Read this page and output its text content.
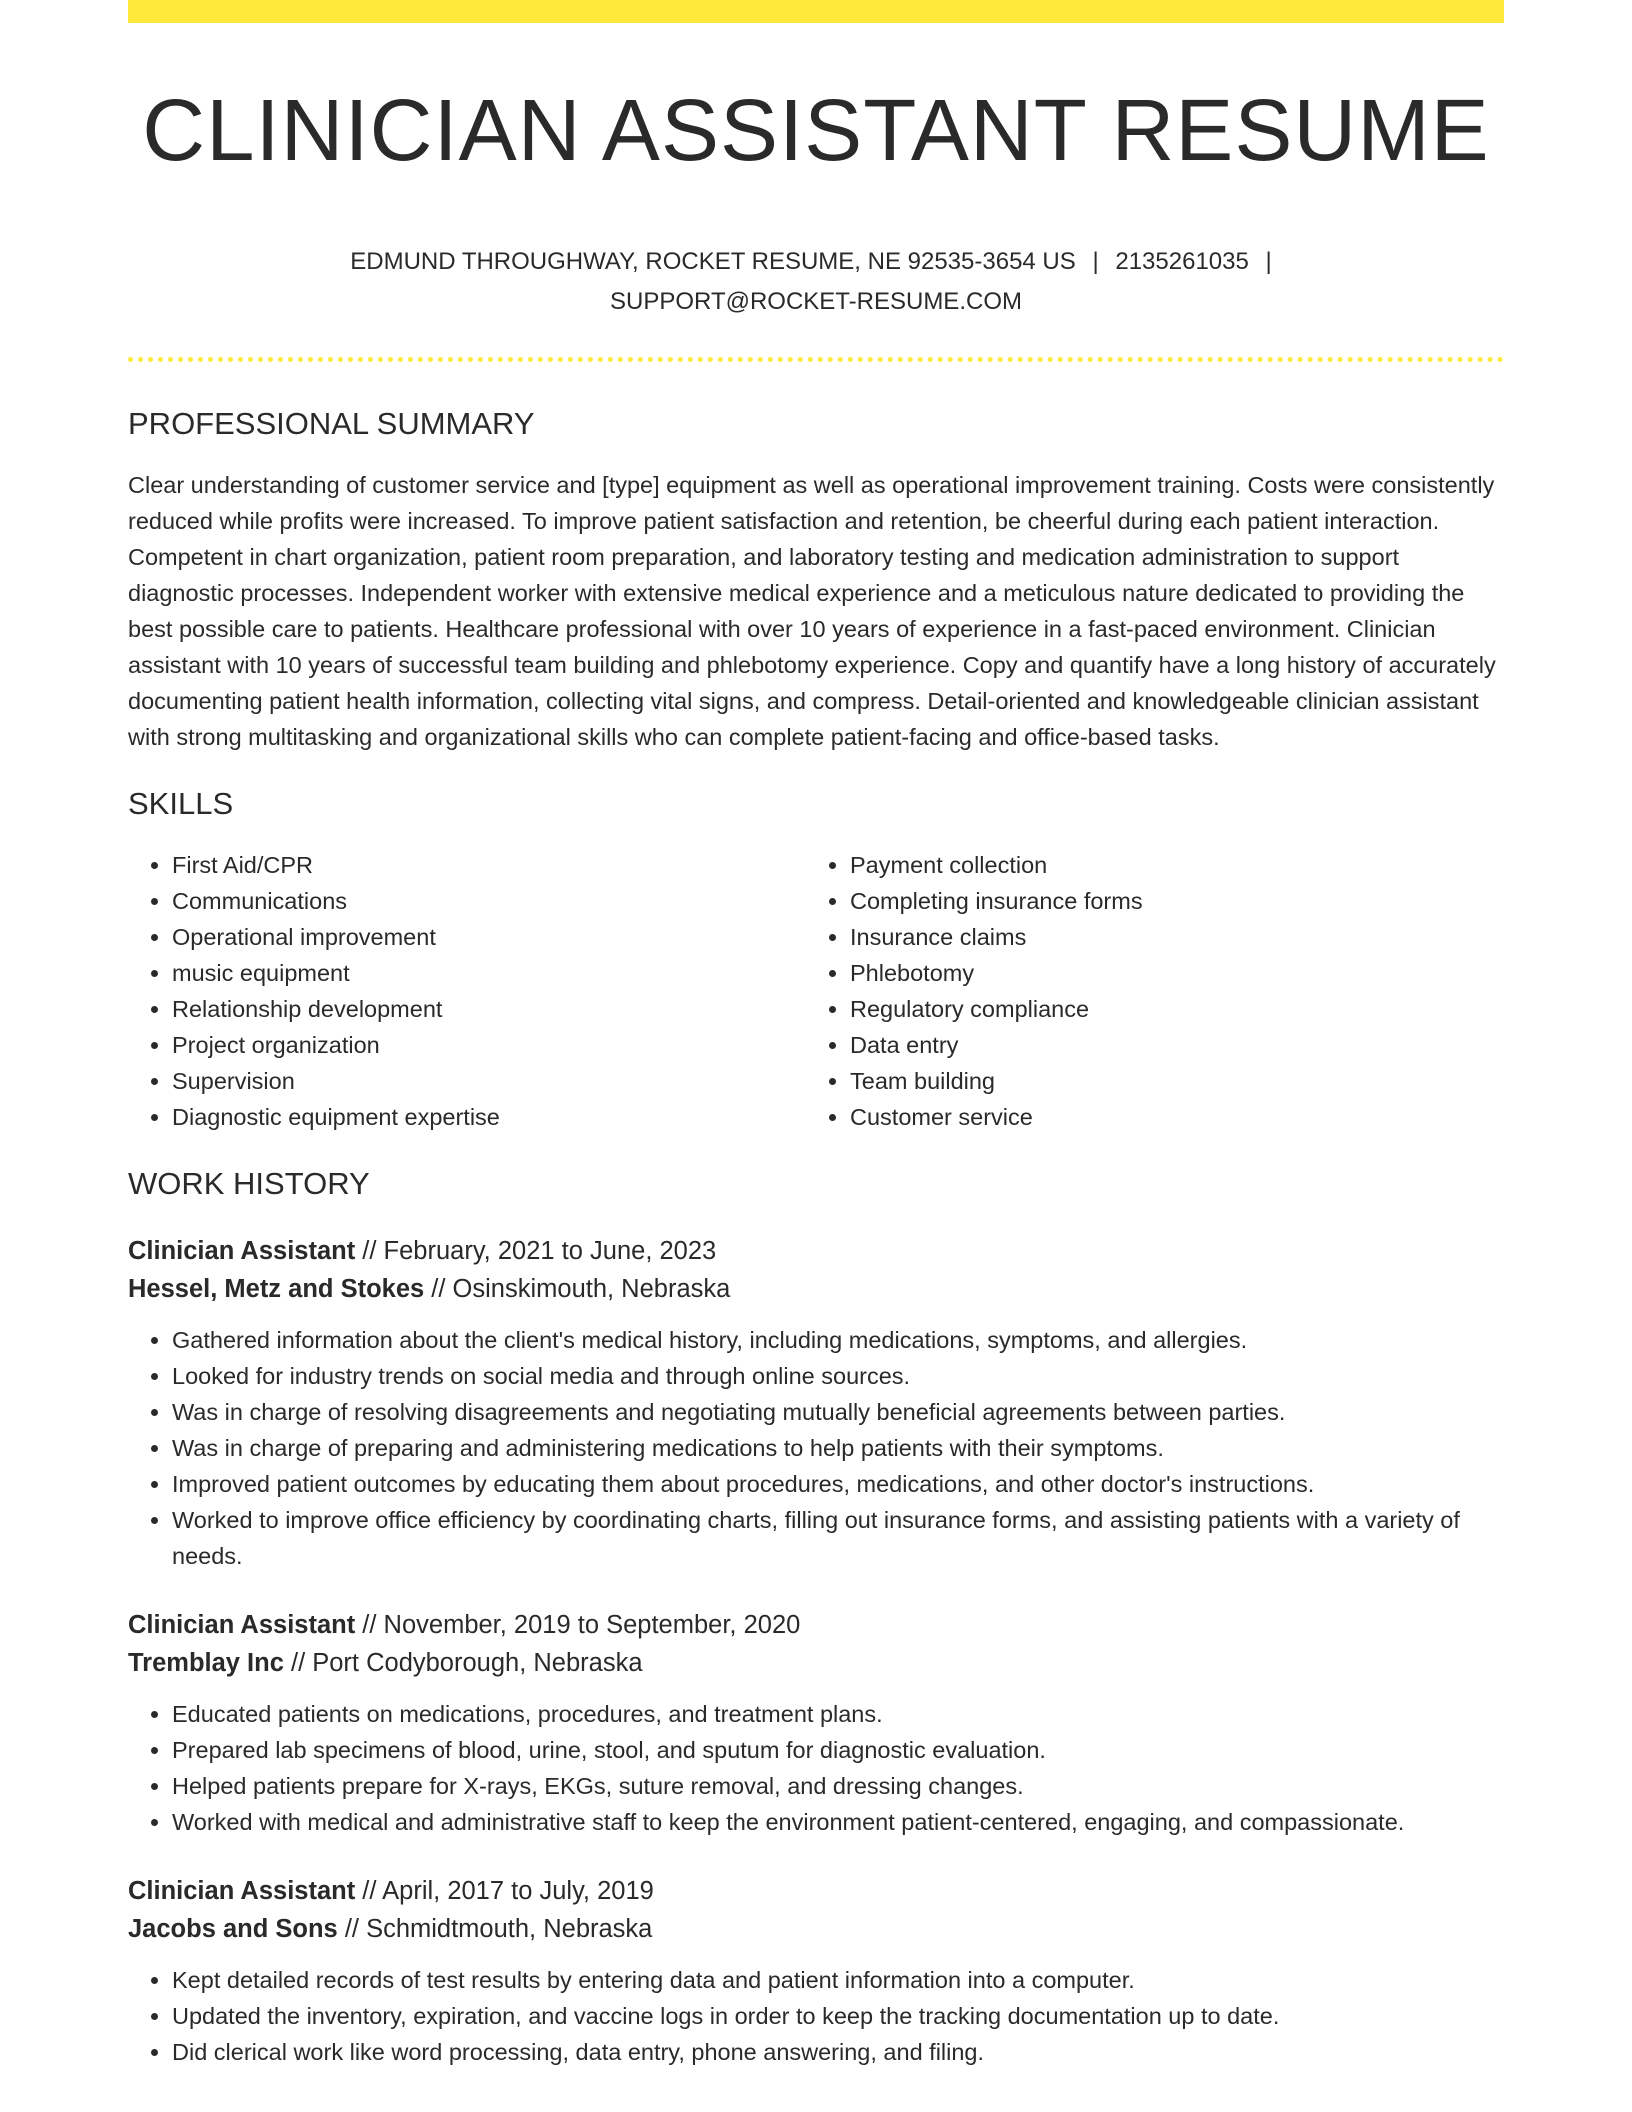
CLINICIAN ASSISTANT RESUME
EDMUND THROUGHWAY, ROCKET RESUME, NE 92535-3654 US | 2135261035 |
SUPPORT@ROCKET-RESUME.COM
PROFESSIONAL SUMMARY

Clear understanding of customer service and [type] equipment as well as operational improvement training. Costs were consistently reduced while profits were increased. To improve patient satisfaction and retention, be cheerful during each patient interaction. Competent in chart organization, patient room preparation, and laboratory testing and medication administration to support diagnostic processes. Independent worker with extensive medical experience and a meticulous nature dedicated to providing the best possible care to patients. Healthcare professional with over 10 years of experience in a fast-paced environment. Clinician assistant with 10 years of successful team building and phlebotomy experience. Copy and quantify have a long history of accurately documenting patient health information, collecting vital signs, and compress. Detail-oriented and knowledgeable clinician assistant with strong multitasking and organizational skills who can complete patient-facing and office-based tasks.

SKILLS
• First Aid/CPR
• Communications
• Operational improvement
• music equipment
• Relationship development
• Project organization
• Supervision
• Diagnostic equipment expertise
• Payment collection
• Completing insurance forms
• Insurance claims
• Phlebotomy
• Regulatory compliance
• Data entry
• Team building
• Customer service
WORK HISTORY
Clinician Assistant // February, 2021 to June, 2023
Hessel, Metz and Stokes // Osinskimouth, Nebraska
• Gathered information about the client's medical history, including medications, symptoms, and allergies.
• Looked for industry trends on social media and through online sources.
• Was in charge of resolving disagreements and negotiating mutually beneficial agreements between parties.
• Was in charge of preparing and administering medications to help patients with their symptoms.
• Improved patient outcomes by educating them about procedures, medications, and other doctor's instructions.
• Worked to improve office efficiency by coordinating charts, filling out insurance forms, and assisting patients with a variety of needs.
Clinician Assistant // November, 2019 to September, 2020
Tremblay Inc // Port Codyborough, Nebraska
• Educated patients on medications, procedures, and treatment plans.
• Prepared lab specimens of blood, urine, stool, and sputum for diagnostic evaluation.
• Helped patients prepare for X-rays, EKGs, suture removal, and dressing changes.
• Worked with medical and administrative staff to keep the environment patient-centered, engaging, and compassionate.
Clinician Assistant // April, 2017 to July, 2019
Jacobs and Sons // Schmidtmouth, Nebraska
• Kept detailed records of test results by entering data and patient information into a computer.
• Updated the inventory, expiration, and vaccine logs in order to keep the tracking documentation up to date.
• Did clerical work like word processing, data entry, phone answering, and filing.
